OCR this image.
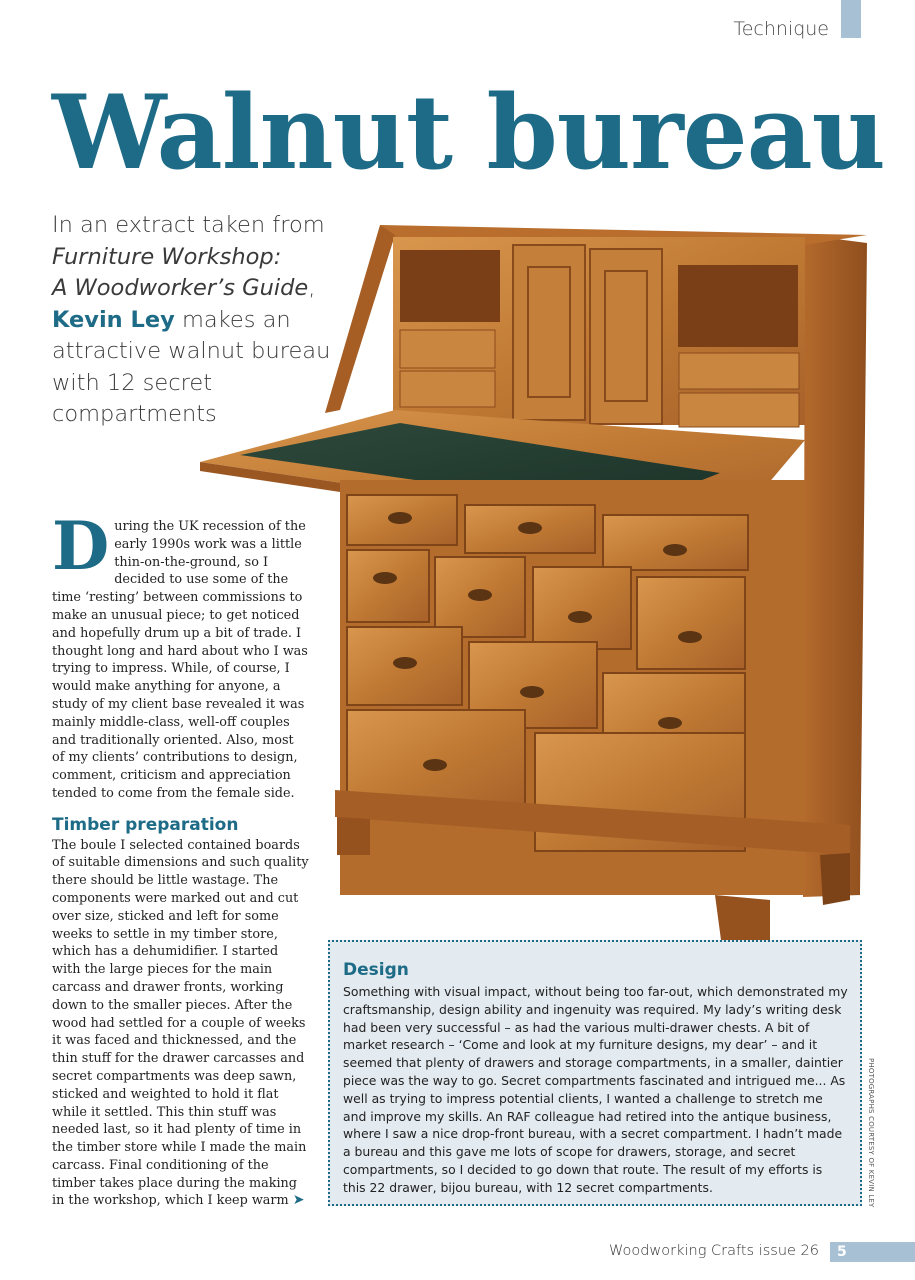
Technique
Walnut bureau
In an extract taken from
Furniture Workshop:
A Woodworker’s Guide,
Kevin Ley makes an attractive walnut bureau with 12 secret compartments

During the UK recession of the early 1990s work was a little thin-on-the-ground, so I decided to use some of the time ‘resting’ between commissions to make an unusual piece; to get noticed and hopefully drum up a bit of trade. I thought long and hard about who I was trying to impress. While, of course, I would make anything for anyone, a study of my client base revealed it was mainly middle-class, well-off couples and traditionally oriented. Also, most of my clients’ contributions to design, comment, criticism and appreciation tended to come from the female side.

Timber preparation

The boule I selected contained boards of suitable dimensions and such quality there should be little wastage. The components were marked out and cut over size, sticked and left for some weeks to settle in my timber store, which has a dehumidifier. I started with the large pieces for the main carcass and drawer fronts, working down to the smaller pieces. After the wood had settled for a couple of weeks it was faced and thicknessed, and the thin stuff for the drawer carcasses and secret compartments was deep sawn, sticked and weighted to hold it flat while it settled. This thin stuff was needed last, so it had plenty of time in the timber store while I made the main carcass. Final conditioning of the timber takes place during the making in the workshop, which I keep warm ➤

Design

Something with visual impact, without being too far-out, which demonstrated my craftsmanship, design ability and ingenuity was required. My lady’s writing desk had been very successful – as had the various multi-drawer chests. A bit of market research – ‘Come and look at my furniture designs, my dear’ – and it seemed that plenty of drawers and storage compartments, in a smaller, daintier piece was the way to go. Secret compartments fascinated and intrigued me... As well as trying to impress potential clients, I wanted a challenge to stretch me and improve my skills. An RAF colleague had retired into the antique business, where I saw a nice drop-front bureau, with a secret compartment. I hadn’t made a bureau and this gave me lots of scope for drawers, storage, and secret compartments, so I decided to go down that route. The result of my efforts is this 22 drawer, bijou bureau, with 12 secret compartments.	PHOTOGRAPHS COURTESY OF KEVIN LEY
Woodworking Crafts issue 26	5
